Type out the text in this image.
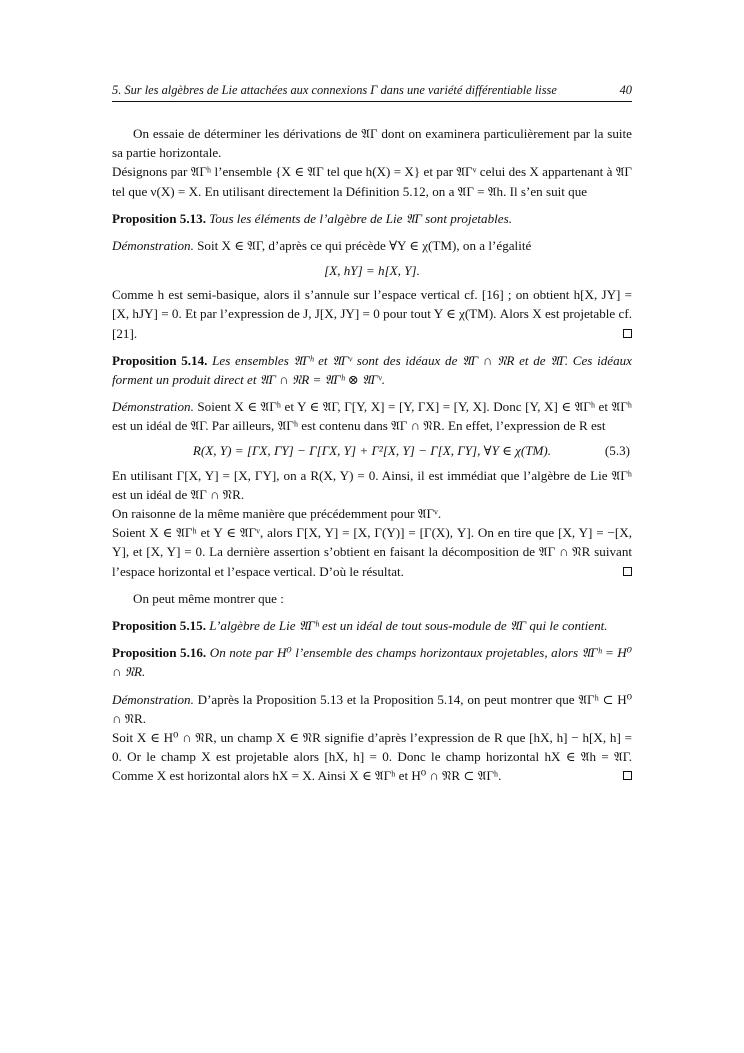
5. Sur les algèbres de Lie attachées aux connexions Γ dans une variété différentiable lisse	40

On essaie de déterminer les dérivations de 𝔄Γ dont on examinera particulièrement par la suite sa partie horizontale.

Désignons par 𝔄Γʰ l’ensemble {X ∈ 𝔄Γ tel que h(X) = X} et par 𝔄Γᵛ celui des X appartenant à 𝔄Γ tel que ν(X) = X. En utilisant directement la Définition 5.12, on a 𝔄Γ = 𝔄h. Il s’en suit que

Proposition 5.13. Tous les éléments de l’algèbre de Lie 𝔄Γ sont projetables.

Démonstration. Soit X ∈ 𝔄Γ, d’après ce qui précède ∀Y ∈ χ(TM), on a l’égalité

[X, hY] = h[X, Y].

Comme h est semi-basique, alors il s’annule sur l’espace vertical cf. [16] ; on obtient h[X, JY] = [X, hJY] = 0. Et par l’expression de J, J[X, JY] = 0 pour tout Y ∈ χ(TM). Alors X est projetable cf. [21].

Proposition 5.14. Les ensembles 𝔄Γʰ et 𝔄Γᵛ sont des idéaux de 𝔄Γ ∩ 𝔑R et de 𝔄Γ. Ces idéaux forment un produit direct et 𝔄Γ ∩ 𝔑R = 𝔄Γʰ ⊗ 𝔄Γᵛ.

Démonstration. Soient X ∈ 𝔄Γʰ et Y ∈ 𝔄Γ, Γ[Y, X] = [Y, ΓX] = [Y, X]. Donc [Y, X] ∈ 𝔄Γʰ et 𝔄Γʰ est un idéal de 𝔄Γ. Par ailleurs, 𝔄Γʰ est contenu dans 𝔄Γ ∩ 𝔑R. En effet, l’expression de R est

R(X, Y) = [ΓX, ΓY] − Γ[ΓX, Y] + Γ²[X, Y] − Γ[X, ΓY], ∀Y ∈ χ(TM).	(5.3)

En utilisant Γ[X, Y] = [X, ΓY], on a R(X, Y) = 0. Ainsi, il est immédiat que l’algèbre de Lie 𝔄Γʰ est un idéal de 𝔄Γ ∩ 𝔑R.

On raisonne de la même manière que précédemment pour 𝔄Γᵛ.

Soient X ∈ 𝔄Γʰ et Y ∈ 𝔄Γᵛ, alors Γ[X, Y] = [X, Γ(Y)] = [Γ(X), Y]. On en tire que [X, Y] = −[X, Y], et [X, Y] = 0. La dernière assertion s’obtient en faisant la décomposition de 𝔄Γ ∩ 𝔑R suivant l’espace horizontal et l’espace vertical. D’où le résultat.

On peut même montrer que :

Proposition 5.15. L’algèbre de Lie 𝔄Γʰ est un idéal de tout sous-module de 𝔄Γ qui le contient.

Proposition 5.16. On note par H⁰ l’ensemble des champs horizontaux projetables, alors 𝔄Γʰ = H⁰ ∩ 𝔑R.

Démonstration. D’après la Proposition 5.13 et la Proposition 5.14, on peut montrer que 𝔄Γʰ ⊂ H⁰ ∩ 𝔑R.

Soit X ∈ H⁰ ∩ 𝔑R, un champ X ∈ 𝔑R signifie d’après l’expression de R que [hX, h] − h[X, h] = 0. Or le champ X est projetable alors [hX, h] = 0. Donc le champ horizontal hX ∈ 𝔄h = 𝔄Γ. Comme X est horizontal alors hX = X. Ainsi X ∈ 𝔄Γʰ et H⁰ ∩ 𝔑R ⊂ 𝔄Γʰ.
